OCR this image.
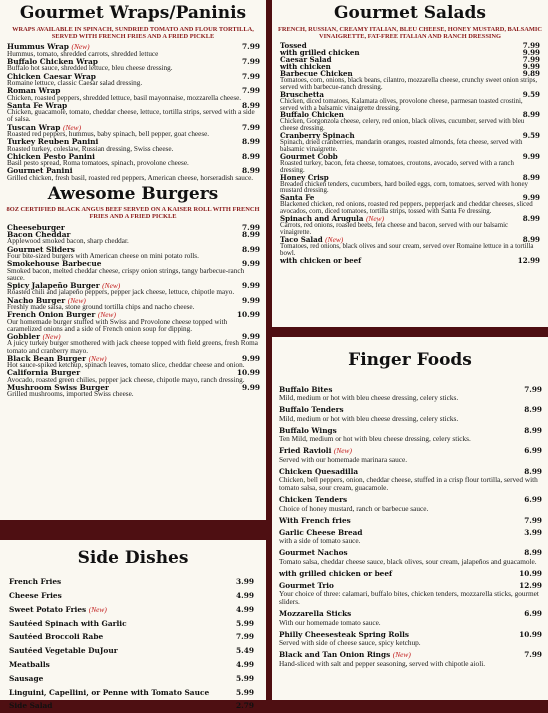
Gourmet Wraps/Paninis
WRAPS AVAILABLE IN SPINACH, SUNDRIED TOMATO AND FLOUR TORTILLA, SERVED WITH FRENCH FRIES AND A FRIED PICKLE
Hummus Wrap (New)	7.99
Hummus, tomato, shredded carrots, shredded lettuce
Buffalo Chicken Wrap	7.99
Buffalo hot sauce, shredded lettuce, bleu cheese dressing.
Chicken Caesar Wrap	7.99
Romaine lettuce, classic Caesar salad dressing.
Roman Wrap	7.99
Chicken, roasted peppers, shredded lettuce, basil mayonnaise, mozzarella cheese.
Santa Fe Wrap	8.99
Chicken, guacamole, tomato, cheddar cheese, lettuce, tortilla strips, served with a side of salsa.
Tuscan Wrap (New)	7.99
Roasted red peppers, hummus, baby spinach, bell pepper, goat cheese.
Turkey Reuben Panini	8.99
Roasted turkey, coleslaw, Russian dressing, Swiss cheese.
Chicken Pesto Panini	8.99
Basil pesto spread, Roma tomatoes, spinach, provolone cheese.
Gourmet Panini	8.99
Grilled chicken, fresh basil, roasted red peppers, American cheese, horseradish sauce.
Awesome Burgers
8OZ CERTIFIED BLACK ANGUS BEEF SERVED ON A KAISER ROLL WITH FRENCH FRIES AND A FRIED PICKLE
Cheeseburger	7.99
Bacon Cheddar	8.99
Applewood smoked bacon, sharp cheddar.
Gourmet Sliders	8.99
Four bite-sized burgers with American cheese on mini potato rolls.
Smokehouse Barbecue	9.99
Smoked bacon, melted cheddar cheese, crispy onion strings, tangy barbecue-ranch sauce.
Spicy Jalapeño Burger (New)	9.99
Roasted chili and jalapeño peppers, pepper jack cheese, lettuce, chipotle mayo.
Nacho Burger (New)	9.99
Freshly made salsa, stone ground tortilla chips and nacho cheese.
French Onion Burger (New)	10.99
Our homemade burger stuffed with Swiss and Provolone cheese topped with caramelized onions and a side of French onion soup for dipping.
Gobbler (New)	9.99
A juicy turkey burger smothered with jack cheese topped with field greens, fresh Roma tomato and cranberry mayo.
Black Bean Burger (New)	9.99
Hot sauce-spiked ketchup, spinach leaves, tomato slice, cheddar cheese and onion.
California Burger	10.99
Avocado, roasted green chilies, pepper jack cheese, chipotle mayo, ranch dressing.
Mushroom Swiss Burger	9.99
Grilled mushrooms, imported Swiss cheese.
Gourmet Salads
FRENCH, RUSSIAN, CREAMY ITALIAN, BLEU CHEESE, HONEY MUSTARD, BALSAMIC VINAIGRETTE, FAT-FREE ITALIAN AND RANCH DRESSING
Tossed	7.99
with grilled chicken	9.99
Caesar Salad	7.99
with chicken	9.99
Barbecue Chicken	9.89
Tomatoes, corn, onions, black beans, cilantro, mozzarella cheese, crunchy sweet onion strips, served with barbecue-ranch dressing.
Bruschetta	9.59
Chicken, diced tomatoes, Kalamata olives, provolone cheese, parmesan toasted crostini, served with a balsamic vinaigrette dressing.
Buffalo Chicken	8.99
Chicken, Gorgonzola cheese, celery, red onion, black olives, cucumber, served with bleu cheese dressing.
Cranberry Spinach	9.59
Spinach, dried cranberries, mandarin oranges, roasted almonds, feta cheese, served with balsamic vinaigrette.
Gourmet Cobb	9.99
Roasted turkey, bacon, feta cheese, tomatoes, croutons, avocado, served with a ranch dressing.
Honey Crisp	8.99
Breaded chicken tenders, cucumbers, hard boiled eggs, corn, tomatoes, served with honey mustard dressing.
Santa Fe	9.99
Blackened chicken, red onions, roasted red peppers, pepperjack and cheddar cheeses, sliced avocados, corn, diced tomatoes, tortilla strips, tossed with Santa Fe dressing.
Spinach and Arugula (New)	8.99
Carrots, red onions, roasted beets, feta cheese and bacon, served with our balsamic vinaigrette.
Taco Salad (New)	8.99
Tomatoes, red onions, black olives and sour cream, served over Romaine lettuce in a tortilla bowl.
with chicken or beef	12.99
Finger Foods
Buffalo Bites	7.99
Mild, medium or hot with bleu cheese dressing, celery sticks.
Buffalo Tenders	8.99
Mild, medium or hot with bleu cheese dressing, celery sticks.
Buffalo Wings	8.99
Ten Mild, medium or hot with bleu cheese dressing, celery sticks.
Fried Ravioli (New)	6.99
Served with our homemade marinara sauce.
Chicken Quesadilla	8.99
Chicken, bell peppers, onion, cheddar cheese, stuffed in a crisp flour tortilla, served with tomato salsa, sour cream, guacamole.
Chicken Tenders	6.99
Choice of honey mustard, ranch or barbecue sauce.
With French fries	7.99
Garlic Cheese Bread	3.99
with a side of tomato sauce.
Gourmet Nachos	8.99
Tomato salsa, cheddar cheese sauce, black olives, sour cream, jalapeños and guacamole.
with grilled chicken or beef	10.99
Gourmet Trio	12.99
Your choice of three: calamari, buffalo bites, chicken tenders, mozzarella sticks, gourmet sliders.
Mozzarella Sticks	6.99
With our homemade tomato sauce.
Philly Cheesesteak Spring Rolls	10.99
Served with side of cheese sauce, spicy ketchup.
Black and Tan Onion Rings (New)	7.99
Hand-sliced with salt and pepper seasoning, served with chipotle aioli.
Side Dishes
French Fries	3.99
Cheese Fries	4.99
Sweet Potato Fries (New)	4.99
Sautéed Spinach with Garlic	5.99
Sautéed Broccoli Rabe	7.99
Sautéed Vegetable DuJour	5.49
Meatballs	4.99
Sausage	5.99
Linguini, Capellini, or Penne with Tomato Sauce	5.99
Side Salad	2.79
